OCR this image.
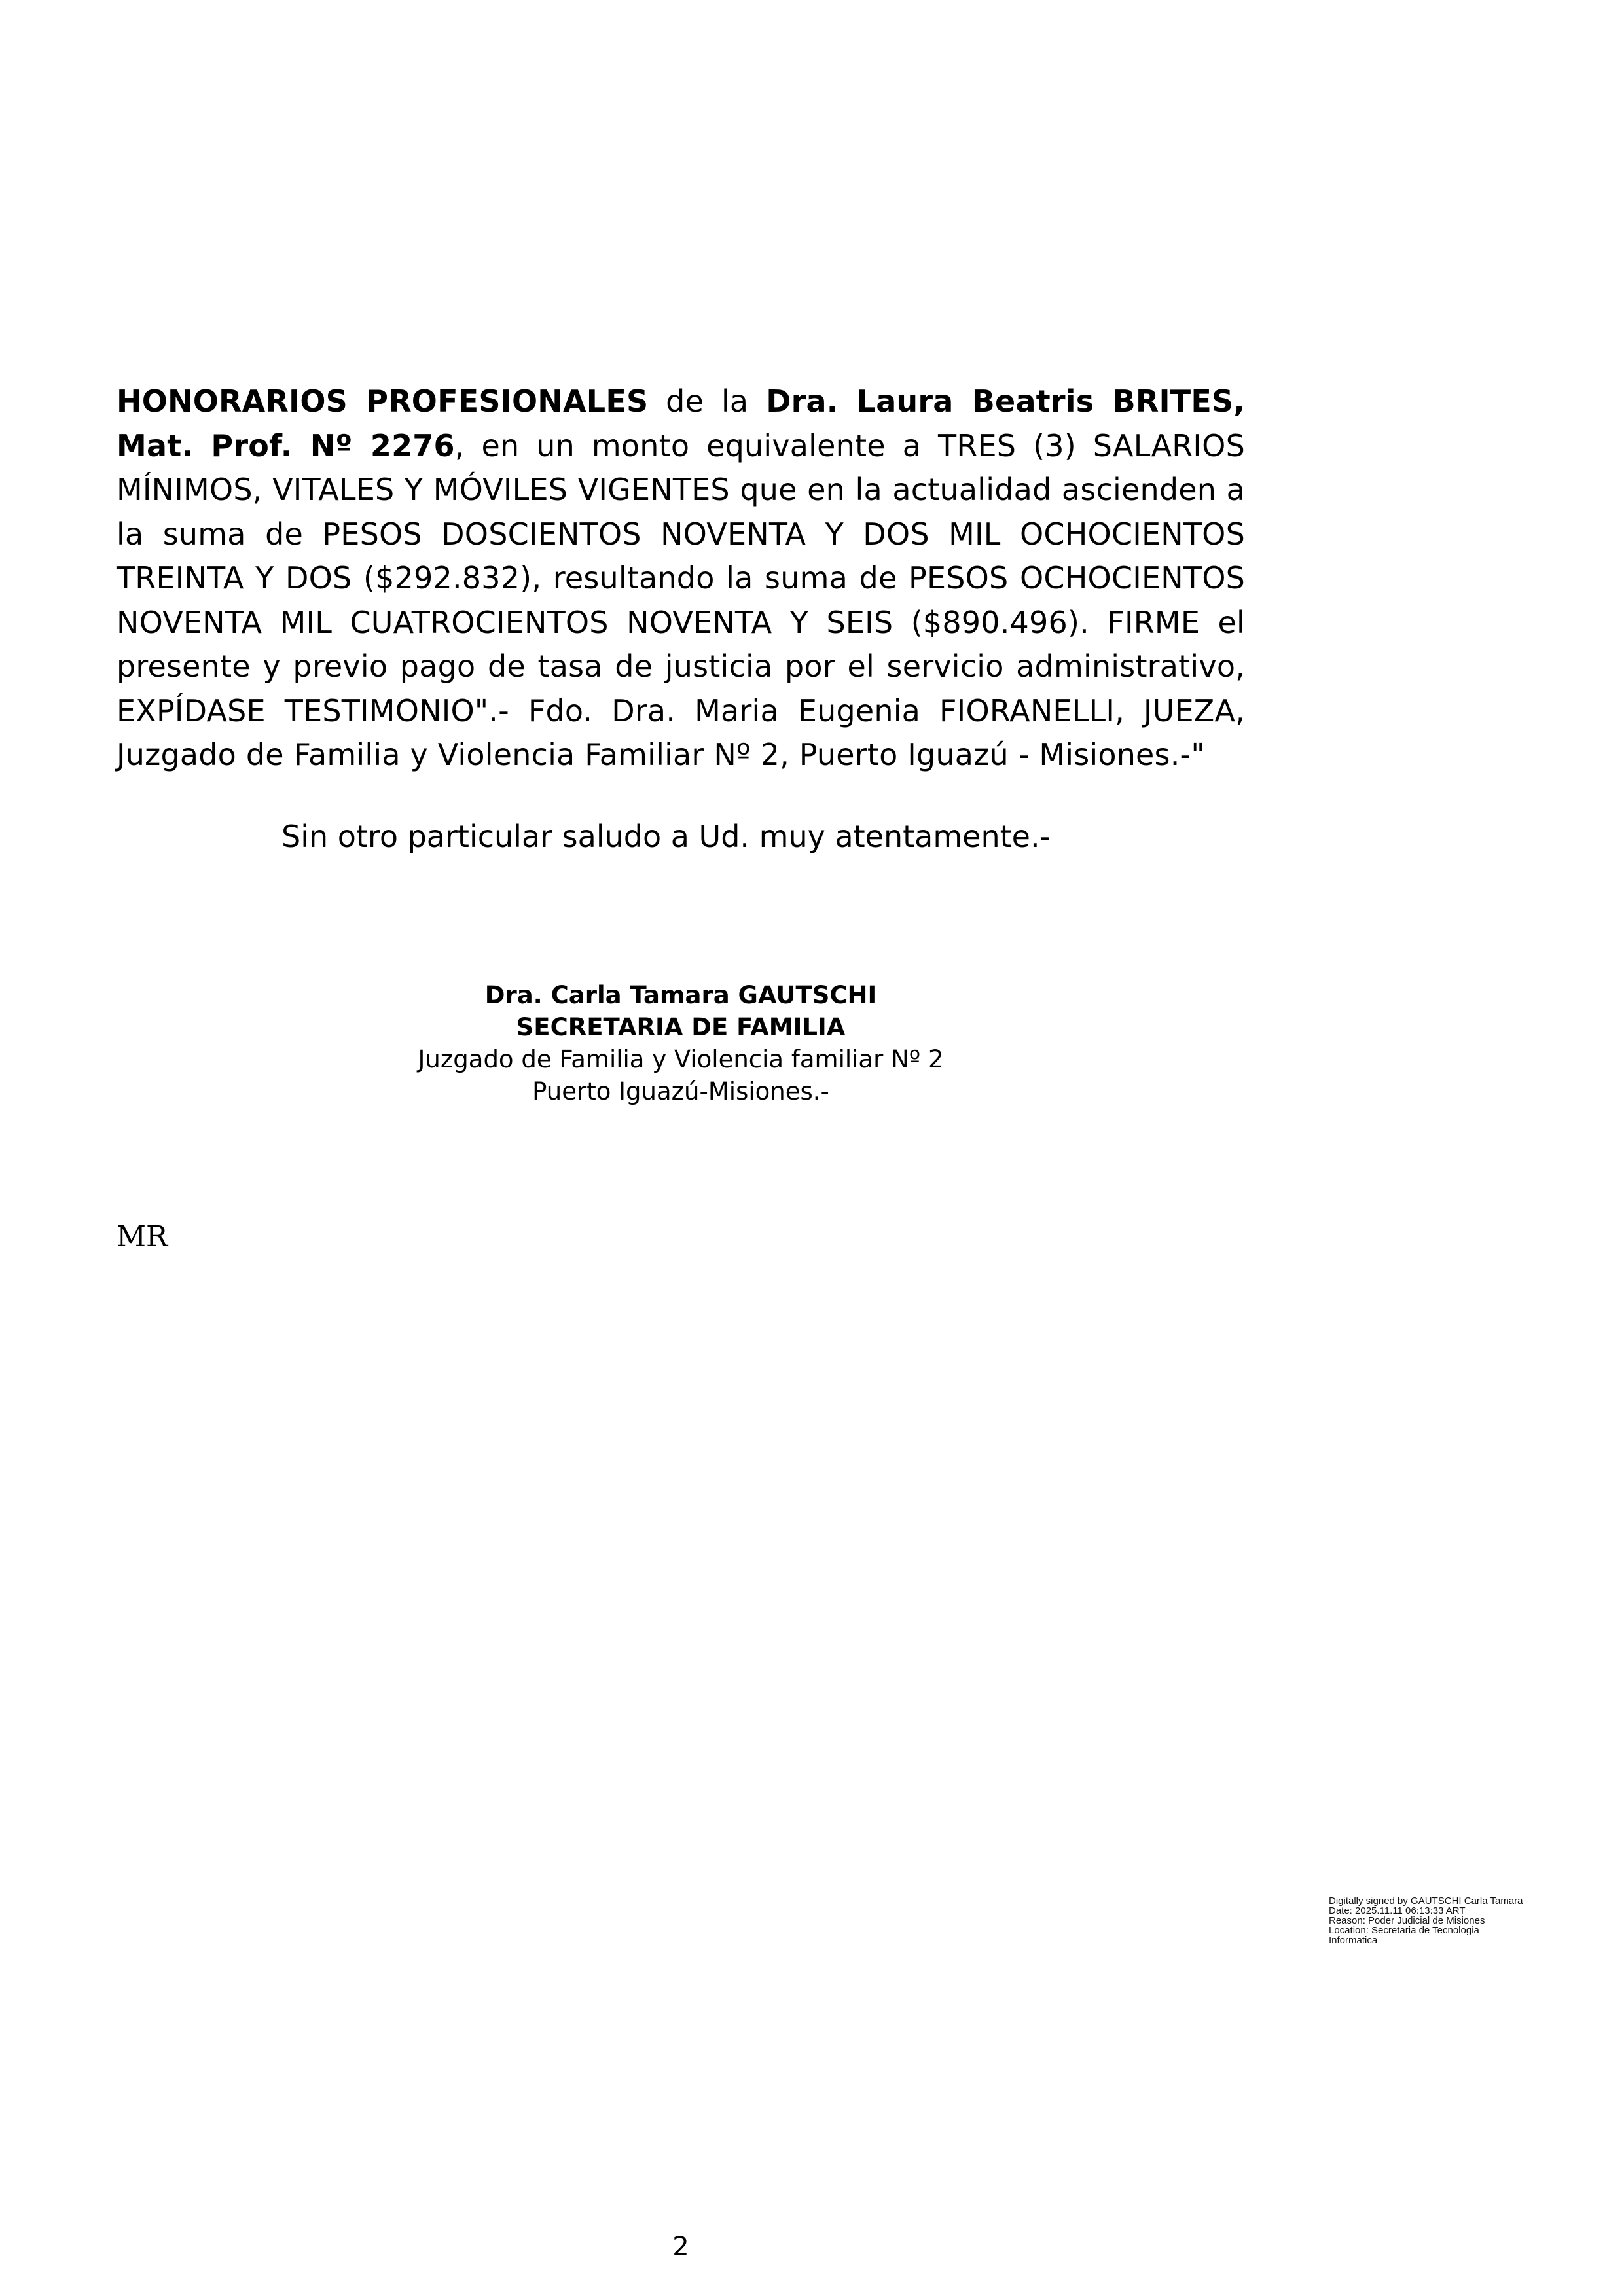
HONORARIOS PROFESIONALES de la Dra. Laura Beatris BRITES, Mat. Prof. Nº 2276, en un monto equivalente a TRES (3) SALARIOS MÍNIMOS, VITALES Y MÓVILES VIGENTES que en la actualidad ascienden a la suma de PESOS DOSCIENTOS NOVENTA Y DOS MIL OCHOCIENTOS TREINTA Y DOS ($292.832), resultando la suma de PESOS OCHOCIENTOS NOVENTA MIL CUATROCIENTOS NOVENTA Y SEIS ($890.496). FIRME el presente y previo pago de tasa de justicia por el servicio administrativo, EXPÍDASE TESTIMONIO".- Fdo. Dra. Maria Eugenia FIORANELLI, JUEZA, Juzgado de Familia y Violencia Familiar Nº 2, Puerto Iguazú - Misiones.-"

Sin otro particular saludo a Ud. muy atentamente.-
Dra. Carla Tamara GAUTSCHI
SECRETARIA DE FAMILIA
Juzgado de Familia y Violencia familiar Nº 2
Puerto Iguazú-Misiones.-
MR
Digitally signed by GAUTSCHI Carla Tamara
Date: 2025.11.11 06:13:33 ART
Reason: Poder Judicial de Misiones
Location: Secretaria de Tecnologia Informatica
2
